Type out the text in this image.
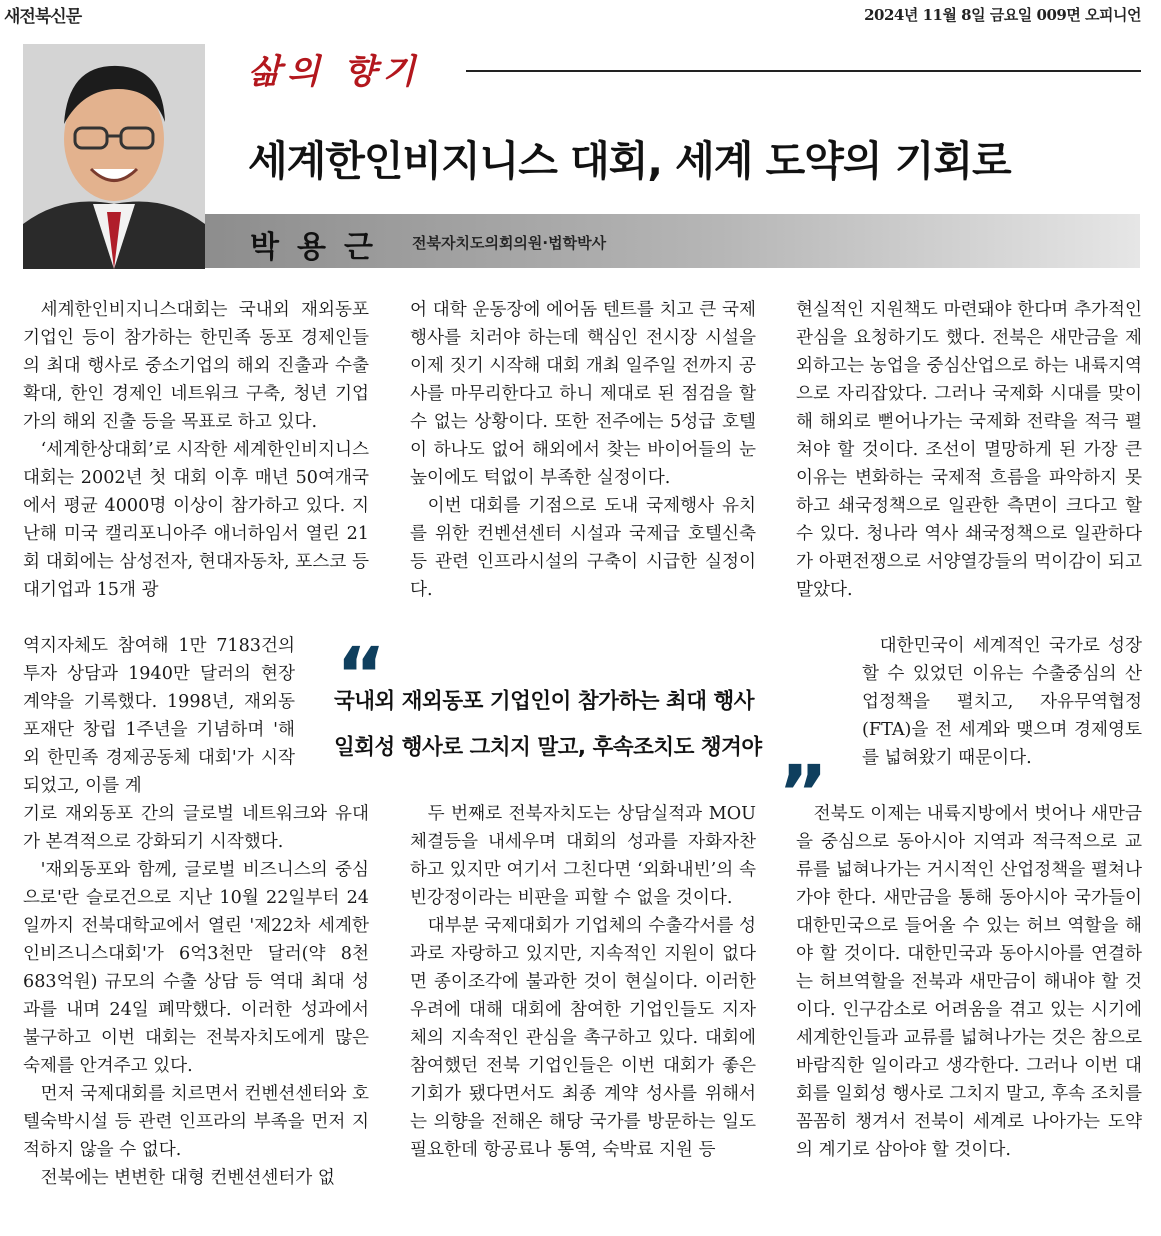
새전북신문	2024년 11월 8일 금요일 009면 오피니언
삶의 향기
세계한인비지니스 대회, 세계 도약의 기회로
박용근 전북자치도의회의원·법학박사

세계한인비지니스대회는 국내외 재외동포 기업인 등이 참가하는 한민족 동포 경제인들의 최대 행사로 중소기업의 해외 진출과 수출 확대, 한인 경제인 네트워크 구축, 청년 기업가의 해외 진출 등을 목표로 하고 있다.

‘세계한상대회’로 시작한 세계한인비지니스대회는 2002년 첫 대회 이후 매년 50여개국에서 평균 4000명 이상이 참가하고 있다. 지난해 미국 캘리포니아주 애너하임서 열린 21회 대회에는 삼성전자, 현대자동차, 포스코 등 대기업과 15개 광

역지자체도 참여해 1만 7183건의 투자 상담과 1940만 달러의 현장 계약을 기록했다. 1998년, 재외동포재단 창립 1주년을 기념하며 '해외 한민족 경제공동체 대회'가 시작되었고, 이를 계

기로 재외동포 간의 글로벌 네트워크와 유대가 본격적으로 강화되기 시작했다.

'재외동포와 함께, 글로벌 비즈니스의 중심으로'란 슬로건으로 지난 10월 22일부터 24일까지 전북대학교에서 열린 '제22차 세계한인비즈니스대회'가 6억3천만 달러(약 8천683억원) 규모의 수출 상담 등 역대 최대 성과를 내며 24일 폐막했다. 이러한 성과에서 불구하고 이번 대회는 전북자치도에게 많은 숙제를 안겨주고 있다.

먼저 국제대회를 치르면서 컨벤션센터와 호텔숙박시설 등 관련 인프라의 부족을 먼저 지적하지 않을 수 없다.

전북에는 변변한 대형 컨벤션센터가 없

어 대학 운동장에 에어돔 텐트를 치고 큰 국제 행사를 치러야 하는데 핵심인 전시장 시설을 이제 짓기 시작해 대회 개최 일주일 전까지 공사를 마무리한다고 하니 제대로 된 점검을 할 수 없는 상황이다. 또한 전주에는 5성급 호텔이 하나도 없어 해외에서 찾는 바이어들의 눈높이에도 턱없이 부족한 실정이다.

이번 대회를 기점으로 도내 국제행사 유치를 위한 컨벤션센터 시설과 국제급 호텔신축등 관련 인프라시설의 구축이 시급한 실정이다.

두 번째로 전북자치도는 상담실적과 MOU체결등을 내세우며 대회의 성과를 자화자찬 하고 있지만 여기서 그친다면 ‘외화내빈’의 속빈강정이라는 비판을 피할 수 없을 것이다.

대부분 국제대회가 기업체의 수출각서를 성과로 자랑하고 있지만, 지속적인 지원이 없다면 종이조각에 불과한 것이 현실이다. 이러한 우려에 대해 대회에 참여한 기업인들도 지자체의 지속적인 관심을 촉구하고 있다. 대회에 참여했던 전북 기업인들은 이번 대회가 좋은 기회가 됐다면서도 최종 계약 성사를 위해서는 의향을 전해온 해당 국가를 방문하는 일도 필요한데 항공료나 통역, 숙박료 지원 등

현실적인 지원책도 마련돼야 한다며 추가적인 관심을 요청하기도 했다. 전북은 새만금을 제외하고는 농업을 중심산업으로 하는 내륙지역으로 자리잡았다. 그러나 국제화 시대를 맞이해 해외로 뻗어나가는 국제화 전략을 적극 펼쳐야 할 것이다. 조선이 멸망하게 된 가장 큰 이유는 변화하는 국제적 흐름을 파악하지 못하고 쇄국정책으로 일관한 측면이 크다고 할 수 있다. 청나라 역사 쇄국정책으로 일관하다가 아편전쟁으로 서양열강들의 먹이감이 되고 말았다.

대한민국이 세계적인 국가로 성장할 수 있었던 이유는 수출중심의 산업정책을 펼치고, 자유무역협정(FTA)을 전 세계와 맺으며 경제영토를 넓혀왔기 때문이다.

전북도 이제는 내륙지방에서 벗어나 새만금을 중심으로 동아시아 지역과 적극적으로 교류를 넓혀나가는 거시적인 산업정책을 펼쳐나가야 한다. 새만금을 통해 동아시아 국가들이 대한민국으로 들어올 수 있는 허브 역할을 해야 할 것이다. 대한민국과 동아시아를 연결하는 허브역할을 전북과 새만금이 해내야 할 것이다. 인구감소로 어려움을 겪고 있는 시기에 세계한인들과 교류를 넓혀나가는 것은 참으로 바람직한 일이라고 생각한다. 그러나 이번 대회를 일회성 행사로 그치지 말고, 후속 조치를 꼼꼼히 챙겨서 전북이 세계로 나아가는 도약의 계기로 삼아야 할 것이다.

“
국내외 재외동포 기업인이 참가하는 최대 행사
일회성 행사로 그치지 말고, 후속조치도 챙겨야
”
